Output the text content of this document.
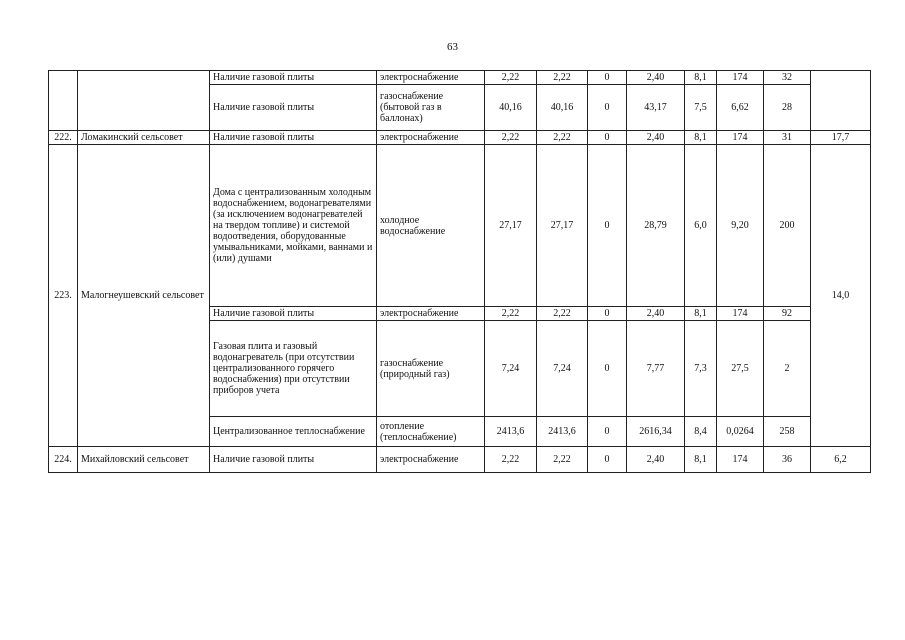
63
		Наличие газовой плиты	электроснабжение	2,22	2,22	0	2,40	8,1	174	32	
		Наличие газовой плиты	газоснабжение (бытовой газ в баллонах)	40,16	40,16	0	43,17	7,5	6,62	28	
222.	Ломакинский сельсовет	Наличие газовой плиты	электроснабжение	2,22	2,22	0	2,40	8,1	174	31	17,7
223.	Малогнеушевский сельсовет	Дома с централизованным холодным водоснабжением, водонагревателями (за исключением водонагревателей на твердом топливе) и системой водоотведения, оборудованные умывальниками, мойками, ваннами и (или) душами	холодное водоснабжение	27,17	27,17	0	28,79	6,0	9,20	200	14,0
		Наличие газовой плиты	электроснабжение	2,22	2,22	0	2,40	8,1	174	92	
		Газовая плита и газовый водонагреватель (при отсутствии централизованного горячего водоснабжения) при отсутствии приборов учета	газоснабжение (природный газ)	7,24	7,24	0	7,77	7,3	27,5	2	
		Централизованное теплоснабжение	отопление (теплоснабжение)	2413,6	2413,6	0	2616,34	8,4	0,0264	258	
224.	Михайловский сельсовет	Наличие газовой плиты	электроснабжение	2,22	2,22	0	2,40	8,1	174	36	6,2
